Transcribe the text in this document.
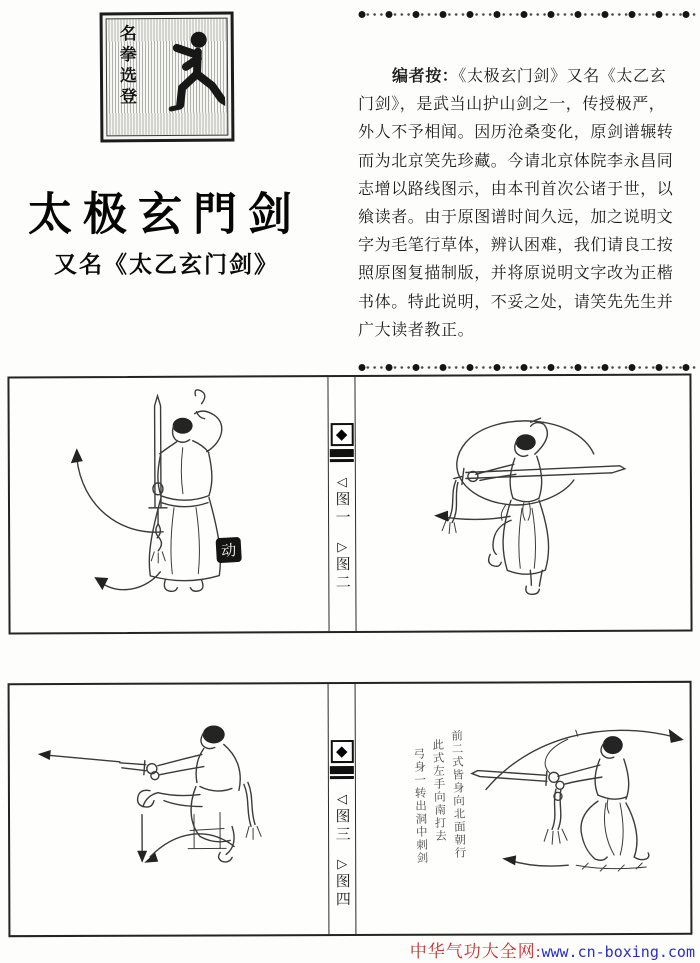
名拳选登
太极玄門剑
又名《太乙玄门剑》
编者按：《太极玄门剑》又名《太乙玄
门剑》，是武当山护山剑之一，传授极严，
外人不予相闻。因历沧桑变化，原剑谱辗转
而为北京笑先珍藏。今请北京体院李永昌同
志增以路线图示，由本刊首次公诸于世，以
飨读者。由于原图谱时间久远，加之说明文
字为毛笔行草体，辨认困难，我们请良工按
照原图复描制版，并将原说明文字改为正楷
书体。特此说明，不妥之处，请笑先先生并
广大读者教正。
动
◆
◁
图一
▷
图二
◆
◁
图三
▷
图四
前二式皆身向北面朝行
此式左手向南打去
弓身一转出洞中刺剑
中华气功大全网:www.cn-boxing.com
